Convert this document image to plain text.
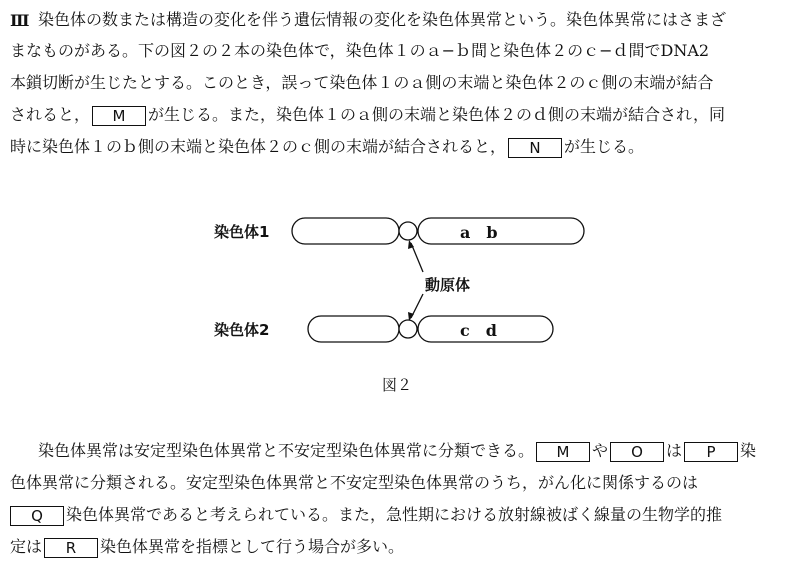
Ⅲ 染色体の数または構造の変化を伴う遺伝情報の変化を染色体異常という。染色体異常にはさまざ
まなものがある。下の図２の２本の染色体で，染色体１のａ−ｂ間と染色体２のｃ−ｄ間でDNA2
本鎖切断が生じたとする。このとき，誤って染色体１のａ側の末端と染色体２のｃ側の末端が結合
されると， M が生じる。また，染色体１のａ側の末端と染色体２のｄ側の末端が結合され，同
時に染色体１のｂ側の末端と染色体２のｃ側の末端が結合されると， N が生じる。
染色体1
染色体2
動原体
a　b
c　d
図２
染色体異常は安定型染色体異常と不安定型染色体異常に分類できる。 M や O は P 染
色体異常に分類される。安定型染色体異常と不安定型染色体異常のうち，がん化に関係するのは
Q 染色体異常であると考えられている。また，急性期における放射線被ばく線量の生物学的推
定は R 染色体異常を指標として行う場合が多い。
